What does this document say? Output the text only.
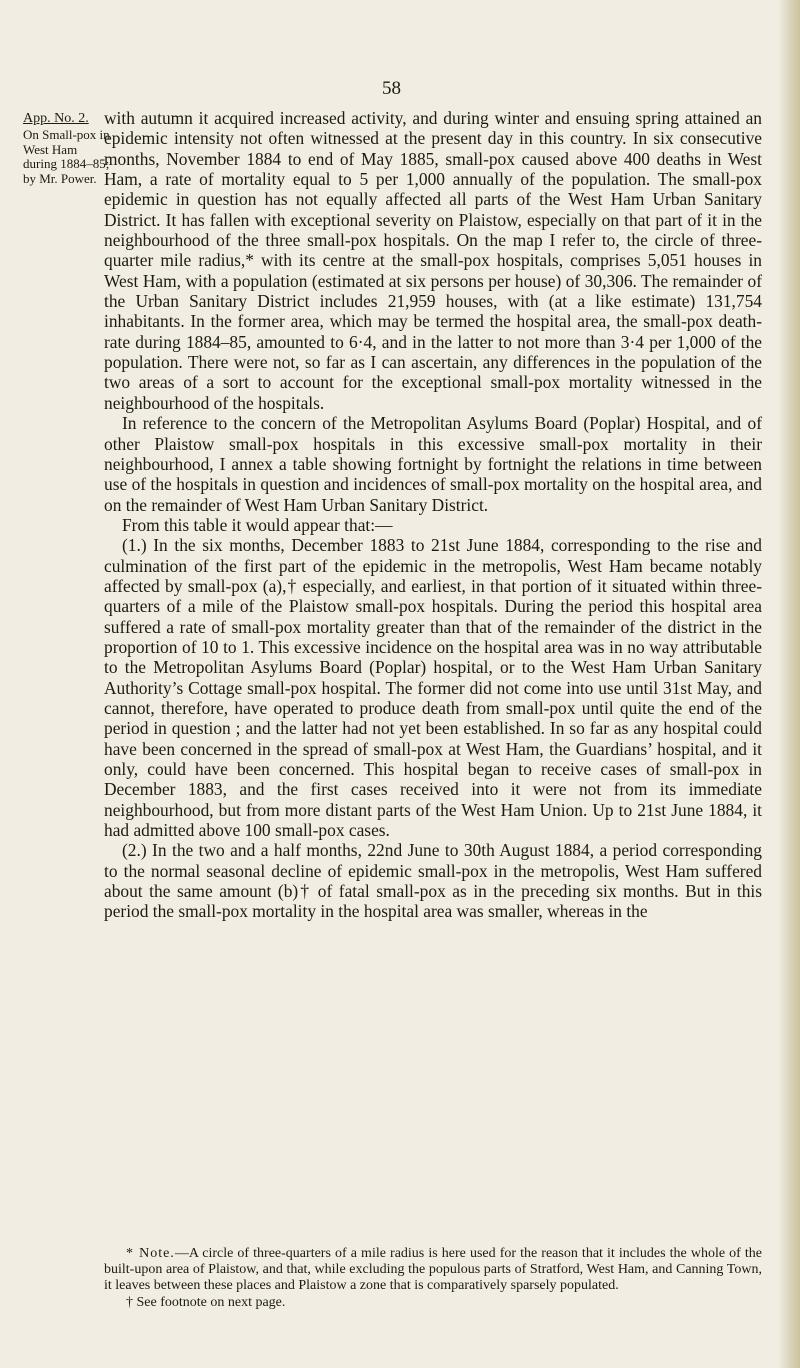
58
App. No. 2.
On Small-pox in
West Ham
during 1884–85;
by Mr. Power.

with autumn it acquired increased activity, and during winter and ensuing spring attained an epidemic intensity not often witnessed at the present day in this country. In six consecutive months, November 1884 to end of May 1885, small-pox caused above 400 deaths in West Ham, a rate of mortality equal to 5 per 1,000 annually of the population. The small-pox epidemic in question has not equally affected all parts of the West Ham Urban Sanitary District. It has fallen with exceptional severity on Plaistow, especially on that part of it in the neighbourhood of the three small-pox hospitals. On the map I refer to, the circle of three-quarter mile radius,* with its centre at the small-pox hospitals, comprises 5,051 houses in West Ham, with a population (estimated at six persons per house) of 30,306. The remainder of the Urban Sanitary District includes 21,959 houses, with (at a like estimate) 131,754 inhabitants. In the former area, which may be termed the hospital area, the small-pox death-rate during 1884–85, amounted to 6·4, and in the latter to not more than 3·4 per 1,000 of the population. There were not, so far as I can ascertain, any differences in the population of the two areas of a sort to account for the exceptional small-pox mortality witnessed in the neighbourhood of the hospitals.

In reference to the concern of the Metropolitan Asylums Board (Poplar) Hospital, and of other Plaistow small-pox hospitals in this excessive small-pox mortality in their neighbourhood, I annex a table showing fortnight by fortnight the relations in time between use of the hospitals in question and incidences of small-pox mortality on the hospital area, and on the remainder of West Ham Urban Sanitary District.

From this table it would appear that:—

(1.) In the six months, December 1883 to 21st June 1884, corresponding to the rise and culmination of the first part of the epidemic in the metropolis, West Ham became notably affected by small-pox (a),† especially, and earliest, in that portion of it situated within three-quarters of a mile of the Plaistow small-pox hospitals. During the period this hospital area suffered a rate of small-pox mortality greater than that of the remainder of the district in the proportion of 10 to 1. This excessive incidence on the hospital area was in no way attributable to the Metropolitan Asylums Board (Poplar) hospital, or to the West Ham Urban Sanitary Authority’s Cottage small-pox hospital. The former did not come into use until 31st May, and cannot, therefore, have operated to produce death from small-pox until quite the end of the period in question ; and the latter had not yet been established. In so far as any hospital could have been concerned in the spread of small-pox at West Ham, the Guardians’ hospital, and it only, could have been concerned. This hospital began to receive cases of small-pox in December 1883, and the first cases received into it were not from its immediate neighbourhood, but from more distant parts of the West Ham Union. Up to 21st June 1884, it had admitted above 100 small-pox cases.

(2.) In the two and a half months, 22nd June to 30th August 1884, a period corresponding to the normal seasonal decline of epidemic small-pox in the metropolis, West Ham suffered about the same amount (b)† of fatal small-pox as in the preceding six months. But in this period the small-pox mortality in the hospital area was smaller, whereas in the

* Note.—A circle of three-quarters of a mile radius is here used for the reason that it includes the whole of the built-upon area of Plaistow, and that, while excluding the populous parts of Stratford, West Ham, and Canning Town, it leaves between these places and Plaistow a zone that is comparatively sparsely populated.

† See footnote on next page.
